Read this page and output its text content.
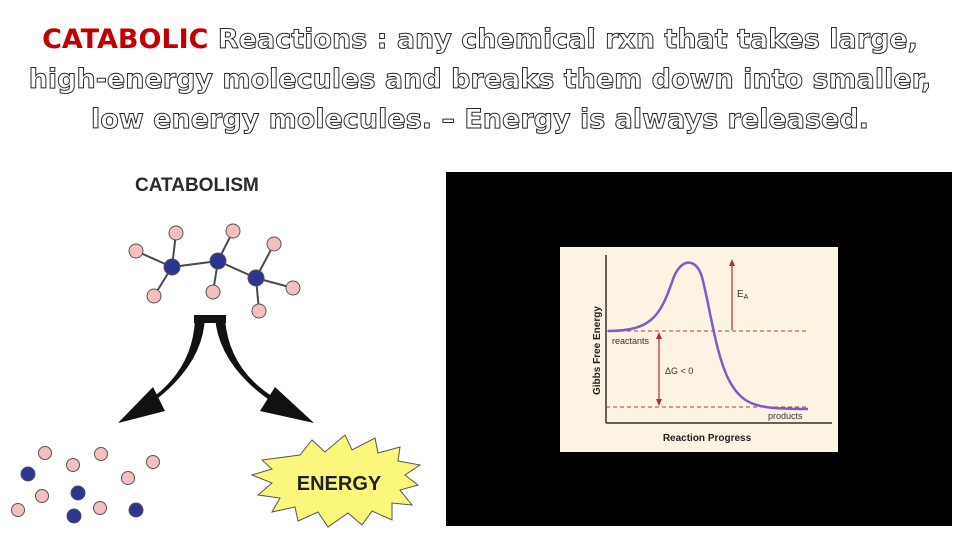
CATABOLIC Reactions : any chemical rxn that takes large,
high-energy molecules and breaks them down into smaller,
low energy molecules. – Energy is always released.
CATABOLISM
ENERGY
Gibbs Free Energy
Reaction Progress
$E_A$
reactants
ΔG < 0
products
